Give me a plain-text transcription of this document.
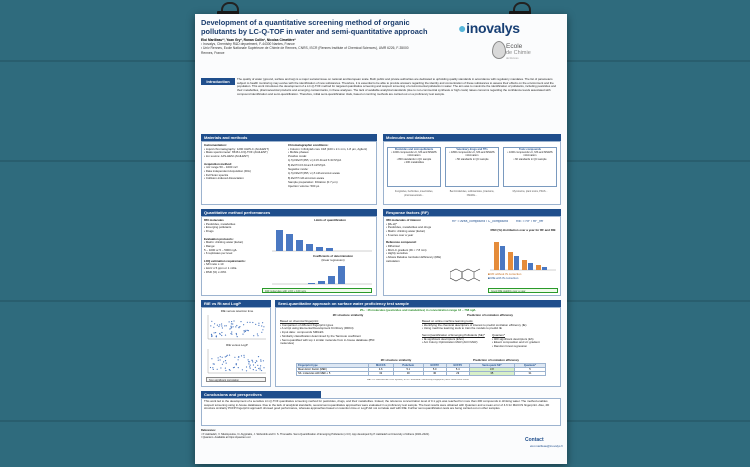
Development of a quantitative screening method of organic
pollutants by LC-Q-TOF in water and semi-quantitative approach
Eloi Marilleau¹², Yoan Gry¹, Ronan Collin¹, Nicolas Cimetière²
¹ Inovalys, Chemistry R&D department, F-44300 Nantes, France
² Univ Rennes, Ecole Nationale Supérieure de Chimie de Rennes, CNRS, ISCR (Rennes Institute of Chemical Sciences), UMR 6226, F-35000
Rennes, France
●inovalys
Ecole
de Chimie
de Rennes
Introduction	The quality of water (ground, surface and tap) is a major societal issue on national and European scale. Both public and private authorities are dedicated to upholding quality standards in accordance with regulatory mandates. The list of parameters subject to health monitoring may evolve with the identification of new substances. Therefore, it is essential to be able to provide answers regarding the identity and concentration of these substances to assess their effects on the environment and the population. This work introduces the development of a LC-Q-TOF method for targeted quantitative screening and suspect screening of environmental pollutants in water. The aim was to maximize the identification of pollutants, including pesticides and their metabolites, pharmaceutical products and emerging contaminants, in these analyses. The lack of available analytical standards (due to non-commercial synthesis or high costs) raises concerns regarding the confidence levels associated with compound identification and semi-quantification. Therefore, initial semi-quantification trials, based on ionizing methods are carried out on a proficiency test sample.
Materials and methods
Instrumentation:
• Liquid chromatography: 1290 UHPLC (AGILENT)
• Mass spectrometer: 6546 LC/Q-TOF (AGILENT)
• Ion source: AJS-HESI (AGILENT)

Acquisition method:
• m/z range 50 – 1000 m/z
• Data independent Acquisition (DIA)
• Full Scan spectra
• Collision-induced dissociation
Chromatographic conditions:
• Column: Infinitylab core C18 (100 x 2.1 mm, 1.8 µm, Agilent)
• Mobile phases:
Positive mode:
A) H₂O/MeOH (95/5, v:v) 0.1% FA and 5 mM NH₄FA
B) MeOH 0.1% FA and 5 mM NH₄FA
Negative mode:
A) H₂O/MeOH (95/5, v:v) 5 mM ammonium acetate
B) MeOH 5 mM ammonium acetate
Sample preparation: Filtration (0.7 µm)
Injection volume: 500 µL
Molecules and databases
Pesticides and micropollutants
• 1000 compounds LC, MS and MS/MS information
• 800 standards in QC sample
• 200 metabolites
Fungicides, herbicides, insecticides, pharmaceuticals...
Veterinary drugs and TPs
• 1800 compounds LC, MS and MS/MS information
• 50 standards in QC sample
Benzimidazoles, sulfonamides, β-lactams, NSAIDs...
Toxic compounds
• 1000 compounds LC, MS and MS/MS information
• 60 standards in QC sample
Mycotoxins, plant toxins, PFAS...
Quantitative method performances
850 molecules
• Pesticides, metabolites
• Emerging pollutants
• Drugs

Evaluation protocols:
• Matrix: drinking water (Evian)
• Range:
5 – 1000 or 5 – 5000 ng/L
• 6 replicates per level

LOQ estimation requirements:
• S/N ratio ≥ 10
• Δm/z ≤ 5 ppm or 1 mDa
• RSD (%) ≤ 20%
Limits of quantification
Coefficients of determination
(linear regression)
940 molecules with LOQ ≤ 100 ng/L
Response factors (RF)
350 molecules of interest
• [M+H]⁺
• Pesticides, metabolites and drugs
• Matrix: drinking water (Evian)
• 6 series over a year

Reference compound:
• Diflunisal
• Mid LC gradient (Rt ≈ 7.8 min)
• Highly sensitive
• Allows Relative Ionization Efficiency (RIE) calculation
RF = Area_compound / C_compound	RIE = RF / RF_ref
RSD (%) distribution over a year for RF and RIE
■ RF without IS correction
■ RIE with IS correction
Good RIE stability over a year
RIE vs Rt and LogP
RIE versus retention time
RIE versus LogP
Non-significant correlation
Semi-quantitative approach on surface water proficiency test sample
25+ : 46 molecules (pesticides and metabolites) in concentration range 12 – 768 ng/L
2D structure similarity	Prediction of ionization efficiency
Based on chemical fingerprint:
• Comparison of different fingerprint types
• A script using Elemental Development Kit library (RDKit)
• Input data : compounds SMILES
• Similarity classification determined by the Tanimoto coefficient
• Semi-quantified with top 1 similar molecule from in-house database (850 molecules)
Based on online machine learning tools:
• Identifying the chemical descriptors of interest to predict ionization efficiency (IE)
• Using machine learning tools to train the models to predict IE
Semi-Quantification of Emerging Pollutants (SE)*
• IE significant descriptors (Ehrs)
• Ant Colony Optimization MLR (ACO MLR)
Quantem*
• 400 significant descriptors (Eh)
• Eluent composition and LC gradient
• Random forest regression
2D structure similarity	Prediction of ionization efficiency
Fingerprint type	MACCS	Pubchem	ECFP2	ECFP4	Semi-quant SE*	Quantem*
Mean Error Factor (MEF)	4.6	5.1	5.0	5.4	3.8	5
Nb. molecules with MEF ≤ 5	32	30	30	29	35	31
MACCS: Molecular ACCess System | ECFP: Extended Connectivity Fingerprint | MEF: Mean Error Factor
Conclusions and perspectives
This work led to the development of a sensitive LC-Q-TOF quantitative screening method for pesticides, drugs, and their metabolites. Indeed, the reference concentration level of 0.1 µg/L was reached for more than 400 compounds in drinking water. The method enables suspect screening using in-house databases. Due to the lack of analytical standards, several semi-quantitative approaches were evaluated in a proficiency test sample. The best results were obtained with Quantem and a mean error of 4.6 for MACCS fingerprint. Also, 2D structure similarity PCFP fingerprint approach showed good performance, whereas approaches based on retention time or LogP did not correlate well with RIE. Further semi-quantification tests are being carried out on other samples.
References:
¹ P. Aalizadeh, V. Nikolopoulou, N. Alygizakis, J. Slobodnik and N. S. Thomaidis. Semi-Quantification of Emerging Pollutants (v.3.0). App developed by P. Aalizadeh at University of Athens (2021-2022).
² Quantem. Available at https://quantem.co/	Contact
eloi.marilleau@inovalys.fr
